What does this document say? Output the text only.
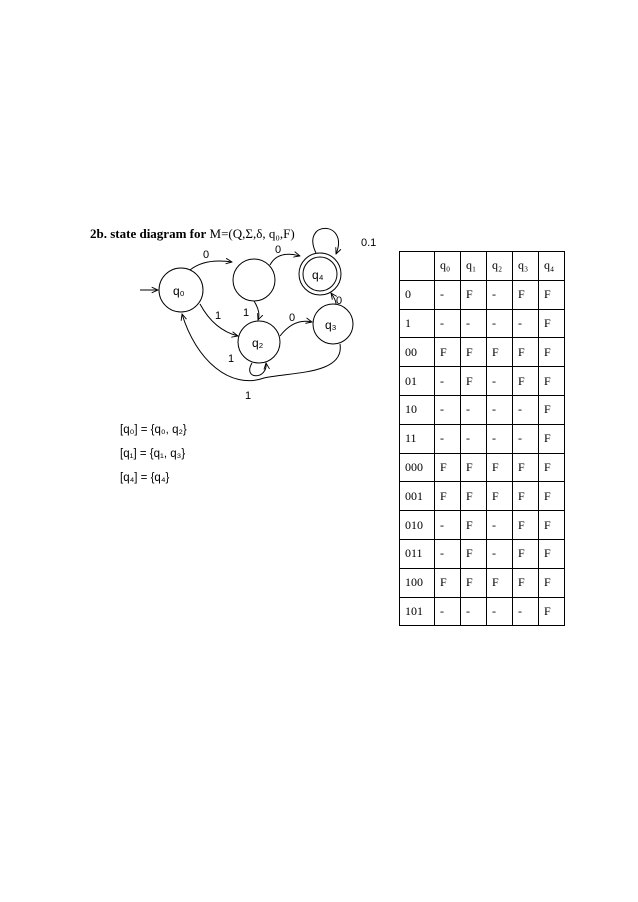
2b. state diagram for M=(Q,Σ,δ, q₀,F)
q₀
q₂
q₃
q₄
0	0
0.1
0
0
1 1
1
1
[q₀] = {q₀, q₂}
[q₁] = {q₁, q₃}
[q₄] = {q₄}
	q₀	q₁	q₂	q₃	q₄
0	-	F	-	F	F
1	-	-	-	-	F
00	F	F	F	F	F
01	-	F	-	F	F
10	-	-	-	-	F
11	-	-	-	-	F
000	F	F	F	F	F
001	F	F	F	F	F
010	-	F	-	F	F
011	-	F	-	F	F
100	F	F	F	F	F
101	-	-	-	-	F
